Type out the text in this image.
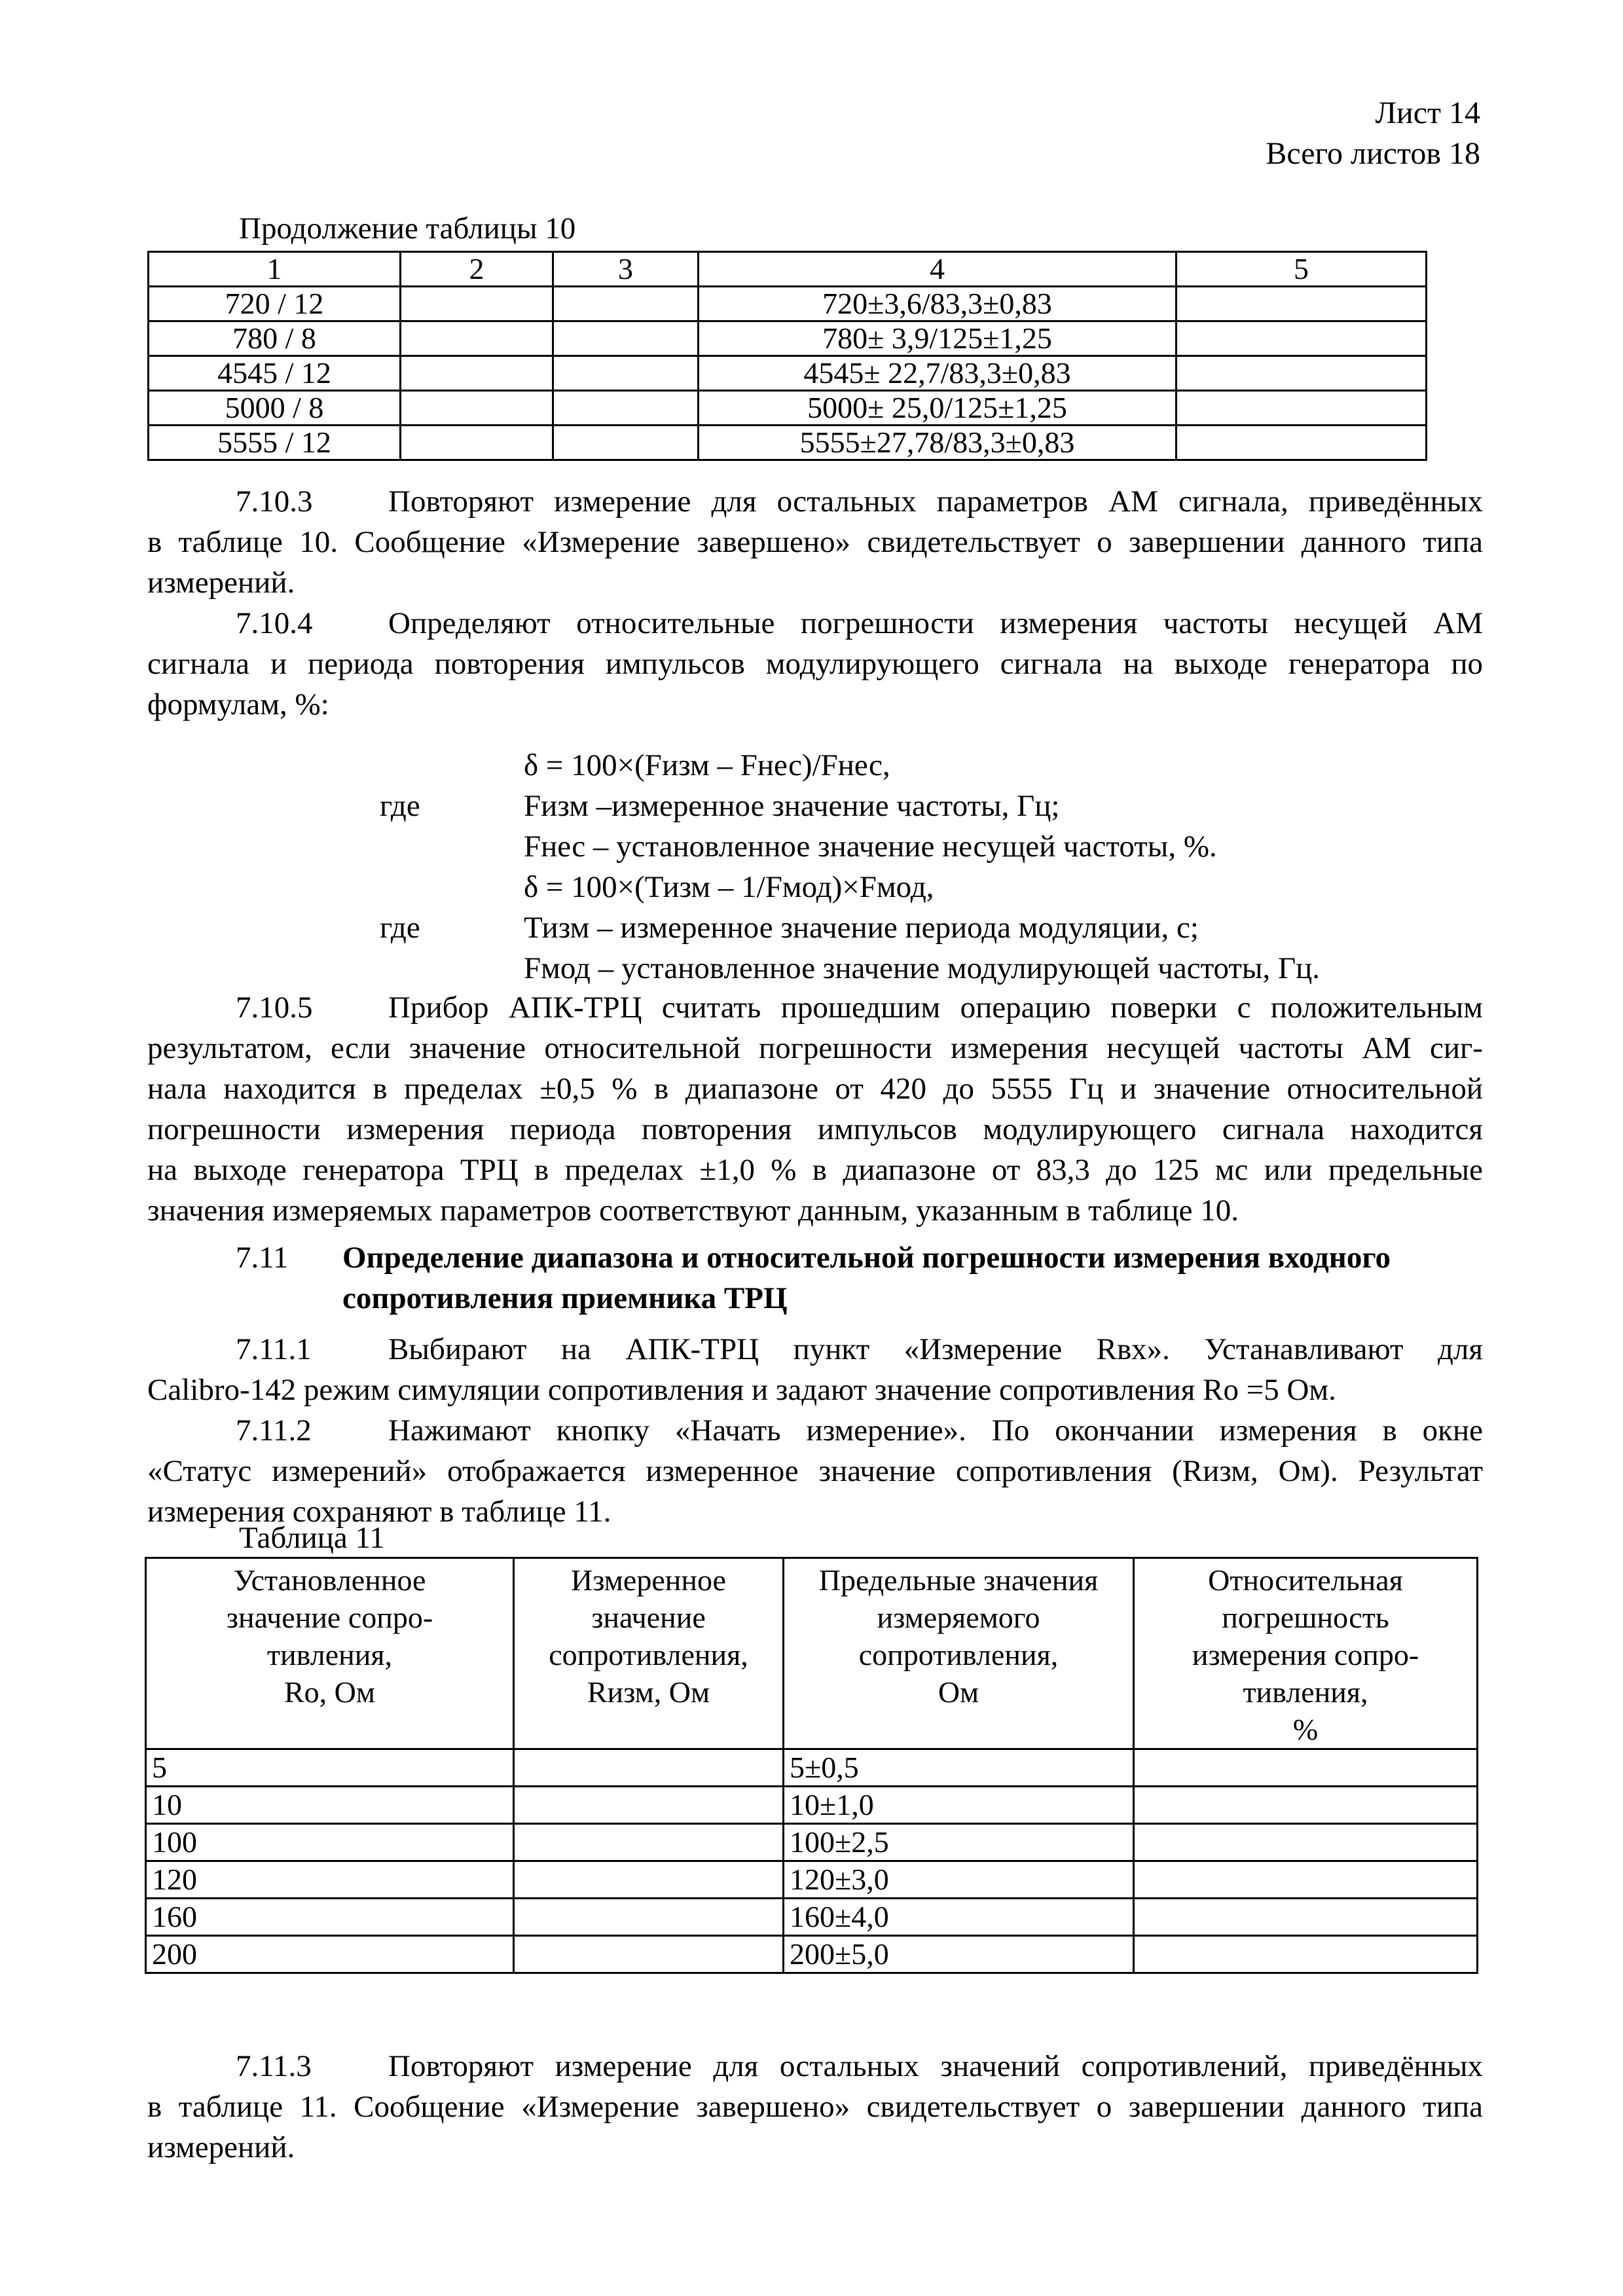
Лист 14
Всего листов 18
Продолжение таблицы 10
1	2	3	4	5
720 / 12			720±3,6/83,3±0,83	
780 / 8			780± 3,9/125±1,25	
4545 / 12			4545± 22,7/83,3±0,83	
5000 / 8			5000± 25,0/125±1,25	
5555 / 12			5555±27,78/83,3±0,83	
7.10.3 Повторяют измерение для остальных параметров АМ сигнала, приведённых
в таблице 10. Сообщение «Измерение завершено» свидетельствует о завершении данного типа
измерений.
7.10.4 Определяют относительные погрешности измерения частоты несущей АМ
сигнала и периода повторения импульсов модулирующего сигнала на выходе генератора по
формулам, %:
δ = 100×(Fизм – Fнес)/Fнес,
где	Fизм –измеренное значение частоты, Гц;
Fнес – установленное значение несущей частоты, %.
δ = 100×(Тизм – 1/Fмод)×Fмод,
где	Тизм – измеренное значение периода модуляции, с;
Fмод – установленное значение модулирующей частоты, Гц.
7.10.5 Прибор АПК-ТРЦ считать прошедшим операцию поверки с положительным
результатом, если значение относительной погрешности измерения несущей частоты АМ сиг-
нала находится в пределах ±0,5 % в диапазоне от 420 до 5555 Гц и значение относительной
погрешности измерения периода повторения импульсов модулирующего сигнала находится
на выходе генератора ТРЦ в пределах ±1,0 % в диапазоне от 83,3 до 125 мс или предельные
значения измеряемых параметров соответствуют данным, указанным в таблице 10.
7.11 Определение диапазона и относительной погрешности измерения входного
сопротивления приемника ТРЦ
7.11.1 Выбирают на АПК-ТРЦ пункт «Измерение Rвх». Устанавливают для
Calibro-142 режим симуляции сопротивления и задают значение сопротивления Ro =5 Ом.
7.11.2 Нажимают кнопку «Начать измерение». По окончании измерения в окне
«Статус измерений» отображается измеренное значение сопротивления (Rизм, Ом). Результат
измерения сохраняют в таблице 11.
Таблица 11
Установленное
значение сопро-
тивления,
Ro, Ом

Измеренное
значение
сопротивления,
Rизм, Ом

Предельные значения
измеряемого
сопротивления,
Ом

Относительная
погрешность
измерения сопро-
тивления,
%

5		5±0,5	
10		10±1,0	
100		100±2,5	
120		120±3,0	
160		160±4,0	
200		200±5,0	
7.11.3 Повторяют измерение для остальных значений сопротивлений, приведённых
в таблице 11. Сообщение «Измерение завершено» свидетельствует о завершении данного типа
измерений.
